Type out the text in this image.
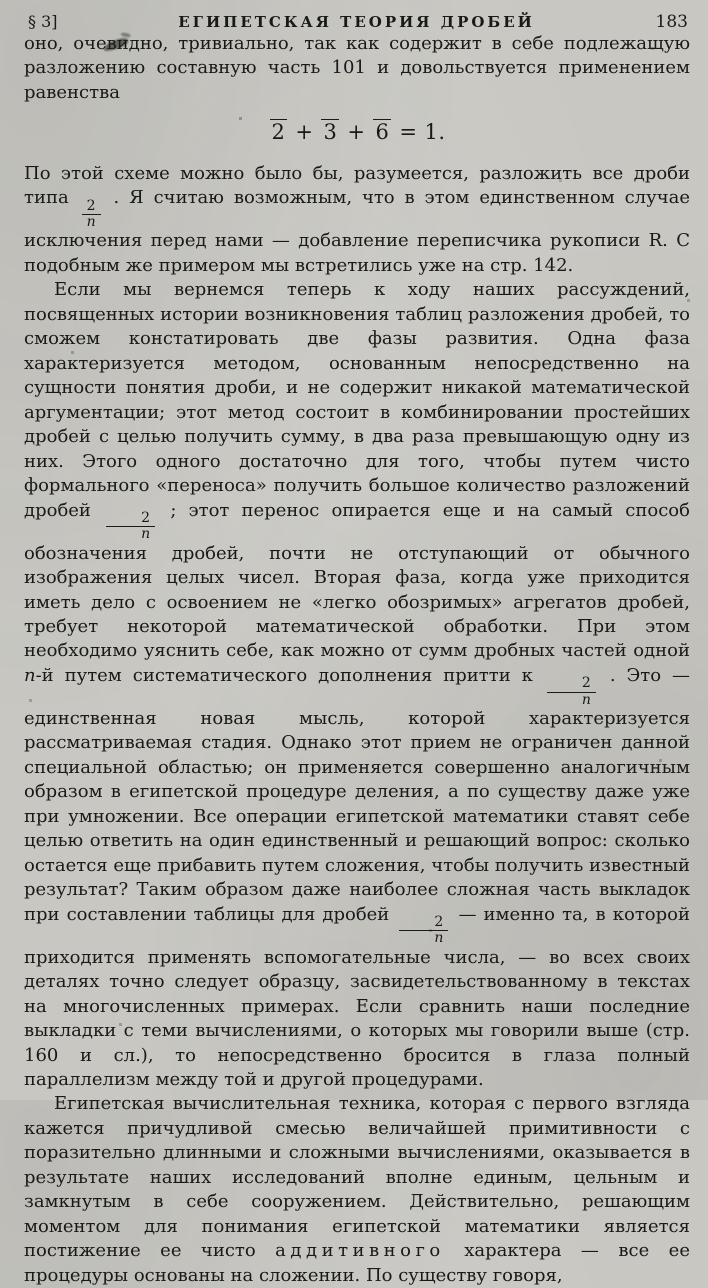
§ 3]	ЕГИПЕТСКАЯ ТЕОРИЯ ДРОБЕЙ	183

оно, очевидно, тривиально, так как содержит в себе подлежащую разложению составную часть 101 и довольствуется применением равенства

2 + 3 + 6 = 1.

По этой схеме можно было бы, разумеется, разложить все дроби типа
$\frac{2}{n}$
. Я считаю возможным, что в этом единственном случае исключения перед нами — добавление переписчика рукописи R. С подобным же примером мы встретились уже на стр. 142.

Если мы вернемся теперь к ходу наших рассуждений, посвященных истории возникновения таблиц разложения дробей, то сможем констатировать две фазы развития. Одна фаза характеризуется методом, основанным непосредственно на сущности понятия дроби, и не содержит никакой математической аргументации; этот метод состоит в комбинировании простейших дробей с целью получить сумму, в два раза превышающую одну из них. Этого одного достаточно для того, чтобы путем чисто формального «переноса» получить большое количество разложений дробей
$\frac{2}{n}$
; этот перенос опирается еще и на самый способ обозначения дробей, почти не отступающий от обычного изображения целых чисел. Вторая фаза, когда уже приходится иметь дело с освоением не «легко обозримых» агрегатов дробей, требует некоторой математической обработки. При этом необходимо уяснить себе, как можно от сумм дробных частей одной n-й путем систематического дополнения притти к
$\frac{2}{n}$
. Это — единственная новая мысль, которой характеризуется рассматриваемая стадия. Однако этот прием не ограничен данной специальной областью; он применяется совершенно аналогичным образом в египетской процедуре деления, а по существу даже уже при умножении. Все операции египетской математики ставят себе целью ответить на один единственный и решающий вопрос: сколько остается еще прибавить путем сложения, чтобы получить известный результат? Таким образом даже наиболее сложная часть выкладок при составлении таблицы для дробей
$\frac{2}{n}$
— именно та, в которой приходится применять вспомогательные числа, — во всех своих деталях точно следует образцу, засвидетельствованному в текстах на многочисленных примерах. Если сравнить наши последние выкладки с теми вычислениями, о которых мы говорили выше (стр. 160 и сл.), то непосредственно бросится в глаза полный параллелизм между той и другой процедурами.

Египетская вычислительная техника, которая с первого взгляда кажется причудливой смесью величайшей примитивности с поразительно длинными и сложными вычислениями, оказывается в результате наших исследований вполне единым, цельным и замкнутым в себе сооружением. Действительно, решающим моментом для понимания египетской математики является постижение ее чисто аддитивного характера — все ее процедуры основаны на сложении. По существу говоря,
